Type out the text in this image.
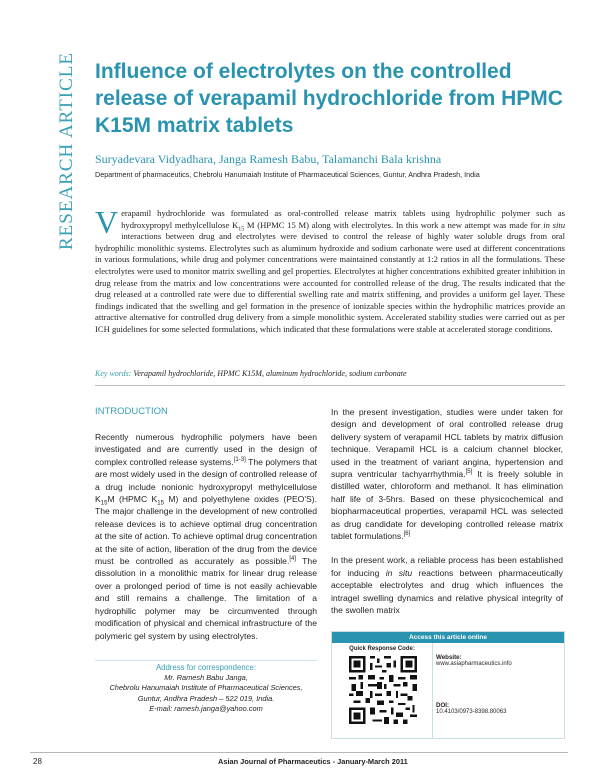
RESEARCH ARTICLE Influence of electrolytes on the controlled release of verapamil hydrochloride from HPMC K15M matrix tablets
Suryadevara Vidyadhara, Janga Ramesh Babu, Talamanchi Bala krishna
Department of pharmaceutics, Chebrolu Hanumaiah Institute of Pharmaceutical Sciences, Guntur, Andhra Pradesh, India

Verapamil hydrochloride was formulated as oral-controlled release matrix tablets using hydrophilic polymer such as hydroxypropyl methylcellulose $K_{15}$ M (HPMC 15 M) along with electrolytes. In this work a new attempt was made for in situ interactions between drug and electrolytes were devised to control the release of highly water soluble drugs from oral hydrophilic monolithic systems. Electrolytes such as aluminum hydroxide and sodium carbonate were used at different concentrations in various formulations, while drug and polymer concentrations were maintained constantly at 1:2 ratios in all the formulations. These electrolytes were used to monitor matrix swelling and gel properties. Electrolytes at higher concentrations exhibited greater inhibition in drug release from the matrix and low concentrations were accounted for controlled release of the drug. The results indicated that the drug released at a controlled rate were due to differential swelling rate and matrix stiffening, and provides a uniform gel layer. These findings indicated that the swelling and gel formation in the presence of ionizable species within the hydrophilic matrices provide an attractive alternative for controlled drug delivery from a simple monolithic system. Accelerated stability studies were carried out as per ICH guidelines for some selected formulations, which indicated that these formulations were stable at accelerated storage conditions.

Key words: Verapamil hydrochloride, HPMC K15M, aluminum hydrochloride, sodium carbonate
INTRODUCTION

Recently numerous hydrophilic polymers have been investigated and are currently used in the design of complex controlled release systems.[1-3] The polymers that are most widely used in the design of controlled release of a drug include nonionic hydroxypropyl methylcellulose $K_{15}M$ (HPMC $K_{15}$ M) and polyethylene oxides (PEO'S). The major challenge in the development of new controlled release devices is to achieve optimal drug concentration at the site of action. To achieve optimal drug concentration at the site of action, liberation of the drug from the device must be controlled as accurately as possible.[4] The dissolution in a monolithic matrix for linear drug release over a prolonged period of time is not easily achievable and still remains a challenge. The limitation of a hydrophilic polymer may be circumvented through modification of physical and chemical infrastructure of the polymeric gel system by using electrolytes.

Address for correspondence:
Mr. Ramesh Babu Janga,
Chebrolu Hanumaiah Institute of Pharmaceutical Sciences,
Guntur, Andhra Pradesh – 522 019, India.
E-mail: ramesh.janga@yahoo.com

In the present investigation, studies were under taken for design and development of oral controlled release drug delivery system of verapamil HCL tablets by matrix diffusion technique. Verapamil HCL is a calcium channel blocker, used in the treatment of variant angina, hypertension and supra ventricular tachyarrhythmia.[5] It is freely soluble in distilled water, chloroform and methanol. It has elimination half life of 3-5hrs. Based on these physicochemical and biopharmaceutical properties, verapamil HCL was selected as drug candidate for developing controlled release matrix tablet formulations.[6]

In the present work, a reliable process has been established for inducing in situ reactions between pharmaceutically acceptable electrolytes and drug which influences the intragel swelling dynamics and relative physical integrity of the swollen matrix

Access this article online
Quick Response Code:
Website:
www.asiapharmaceutics.info
DOI:
10.4103/0973-8398.80063
28	Asian Journal of Pharmaceutics - January-March 2011
